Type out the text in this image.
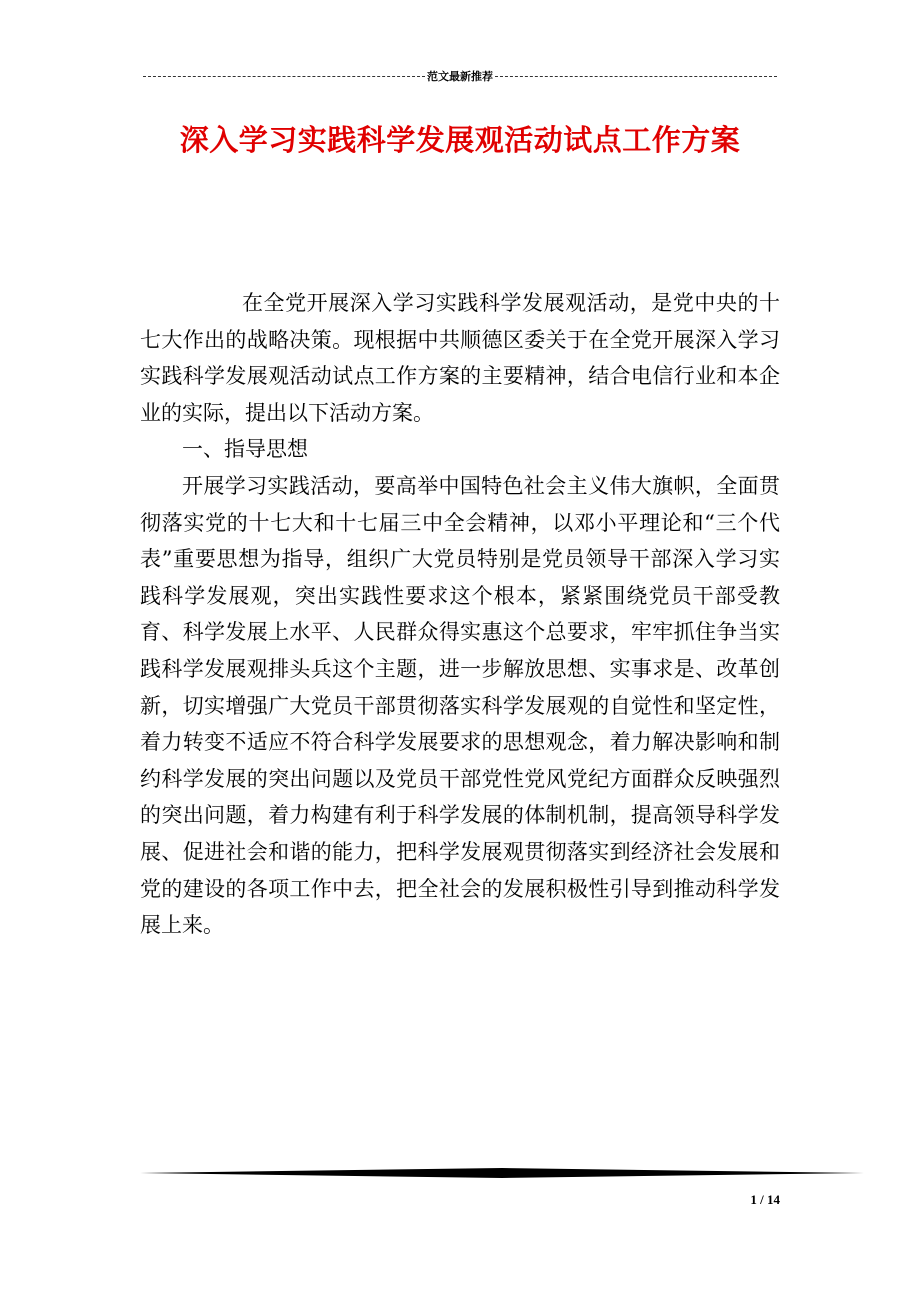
范文最新推荐
深入学习实践科学发展观活动试点工作方案

在全党开展深入学习实践科学发展观活动，是党中央的十七大作出的战略决策。现根据中共顺德区委关于在全党开展深入学习实践科学发展观活动试点工作方案的主要精神，结合电信行业和本企业的实际，提出以下活动方案。

一、指导思想

开展学习实践活动，要高举中国特色社会主义伟大旗帜，全面贯彻落实党的十七大和十七届三中全会精神，以邓小平理论和“三个代表”重要思想为指导，组织广大党员特别是党员领导干部深入学习实践科学发展观，突出实践性要求这个根本，紧紧围绕党员干部受教育、科学发展上水平、人民群众得实惠这个总要求，牢牢抓住争当实践科学发展观排头兵这个主题，进一步解放思想、实事求是、改革创新，切实增强广大党员干部贯彻落实科学发展观的自觉性和坚定性，着力转变不适应不符合科学发展要求的思想观念，着力解决影响和制约科学发展的突出问题以及党员干部党性党风党纪方面群众反映强烈的突出问题，着力构建有利于科学发展的体制机制，提高领导科学发展、促进社会和谐的能力，把科学发展观贯彻落实到经济社会发展和党的建设的各项工作中去，把全社会的发展积极性引导到推动科学发展上来。

1 / 14
